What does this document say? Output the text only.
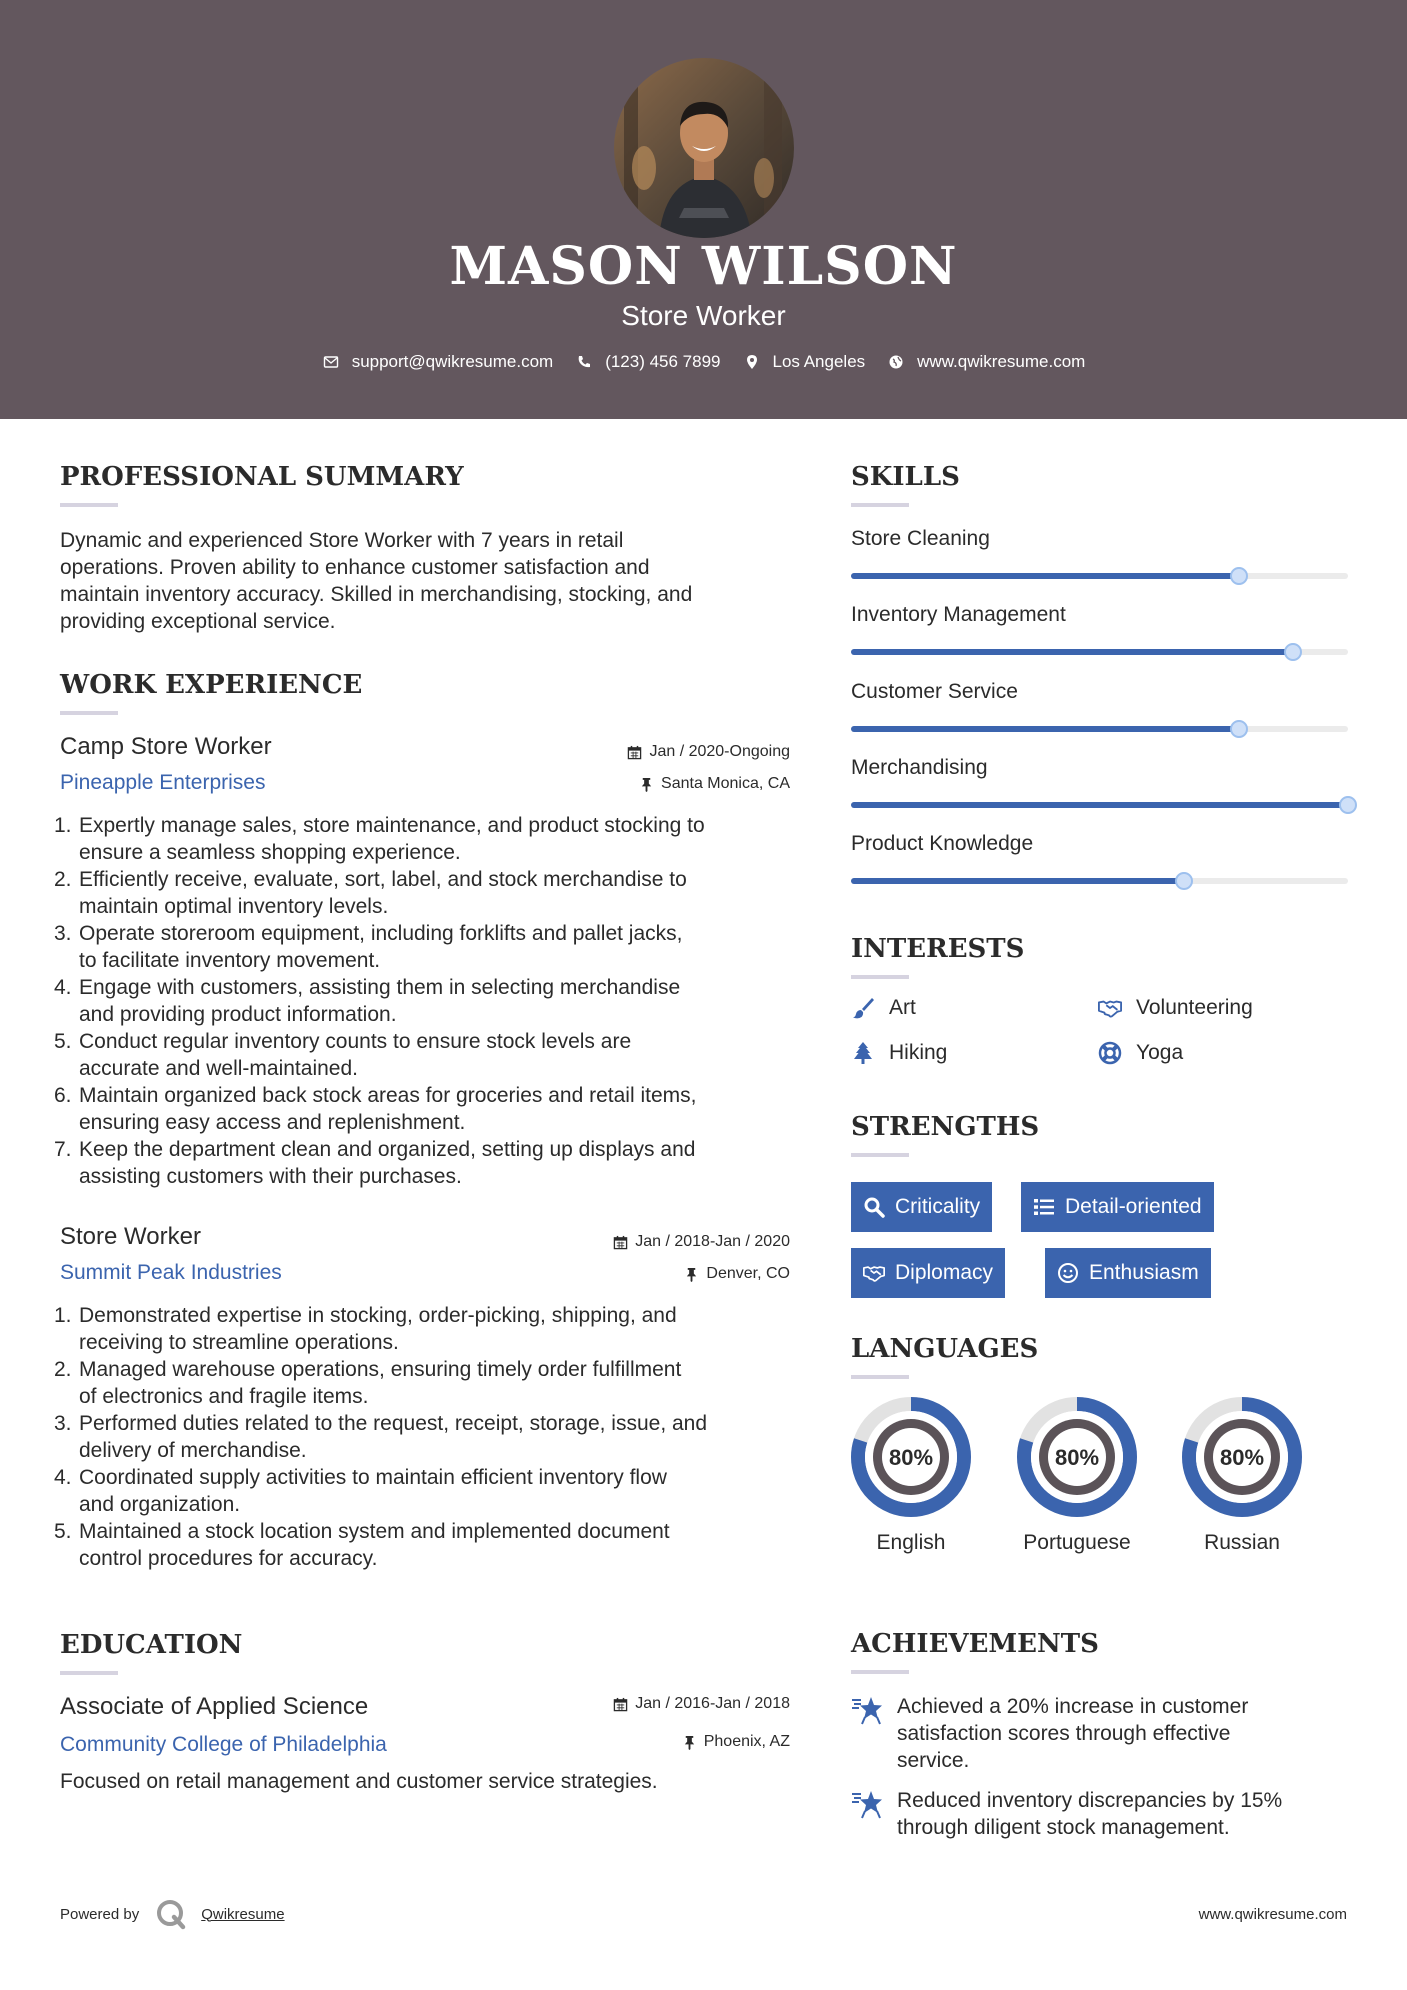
MASON WILSON
Store Worker
support@qwikresume.com	(123) 456 7899	Los Angeles	www.qwikresume.com
PROFESSIONAL SUMMARY
Dynamic and experienced Store Worker with 7 years in retail
operations. Proven ability to enhance customer satisfaction and
maintain inventory accuracy. Skilled in merchandising, stocking, and
providing exceptional service.
WORK EXPERIENCE
Camp Store Worker
Pineapple Enterprises
Jan / 2020-Ongoing
Santa Monica, CA
1. Expertly manage sales, store maintenance, and product stocking to
ensure a seamless shopping experience.
2. Efficiently receive, evaluate, sort, label, and stock merchandise to
maintain optimal inventory levels.
3. Operate storeroom equipment, including forklifts and pallet jacks,
to facilitate inventory movement.
4. Engage with customers, assisting them in selecting merchandise
and providing product information.
5. Conduct regular inventory counts to ensure stock levels are
accurate and well-maintained.
6. Maintain organized back stock areas for groceries and retail items,
ensuring easy access and replenishment.
7. Keep the department clean and organized, setting up displays and
assisting customers with their purchases.
Store Worker
Summit Peak Industries
Jan / 2018-Jan / 2020
Denver, CO
1. Demonstrated expertise in stocking, order-picking, shipping, and
receiving to streamline operations.
2. Managed warehouse operations, ensuring timely order fulfillment
of electronics and fragile items.
3. Performed duties related to the request, receipt, storage, issue, and
delivery of merchandise.
4. Coordinated supply activities to maintain efficient inventory flow
and organization.
5. Maintained a stock location system and implemented document
control procedures for accuracy.
EDUCATION
Associate of Applied Science
Community College of Philadelphia
Jan / 2016-Jan / 2018
Phoenix, AZ
Focused on retail management and customer service strategies.
SKILLS
Store Cleaning
Inventory Management
Customer Service
Merchandising
Product Knowledge
INTERESTS
Art	Volunteering
Hiking	Yoga
STRENGTHS
Criticality	Detail-oriented
Diplomacy	Enthusiasm
LANGUAGES
80%
English
80%
Portuguese
80%
Russian
ACHIEVEMENTS
Achieved a 20% increase in customer
satisfaction scores through effective
service.
Reduced inventory discrepancies by 15%
through diligent stock management.
Powered by	Qwikresume	www.qwikresume.com
